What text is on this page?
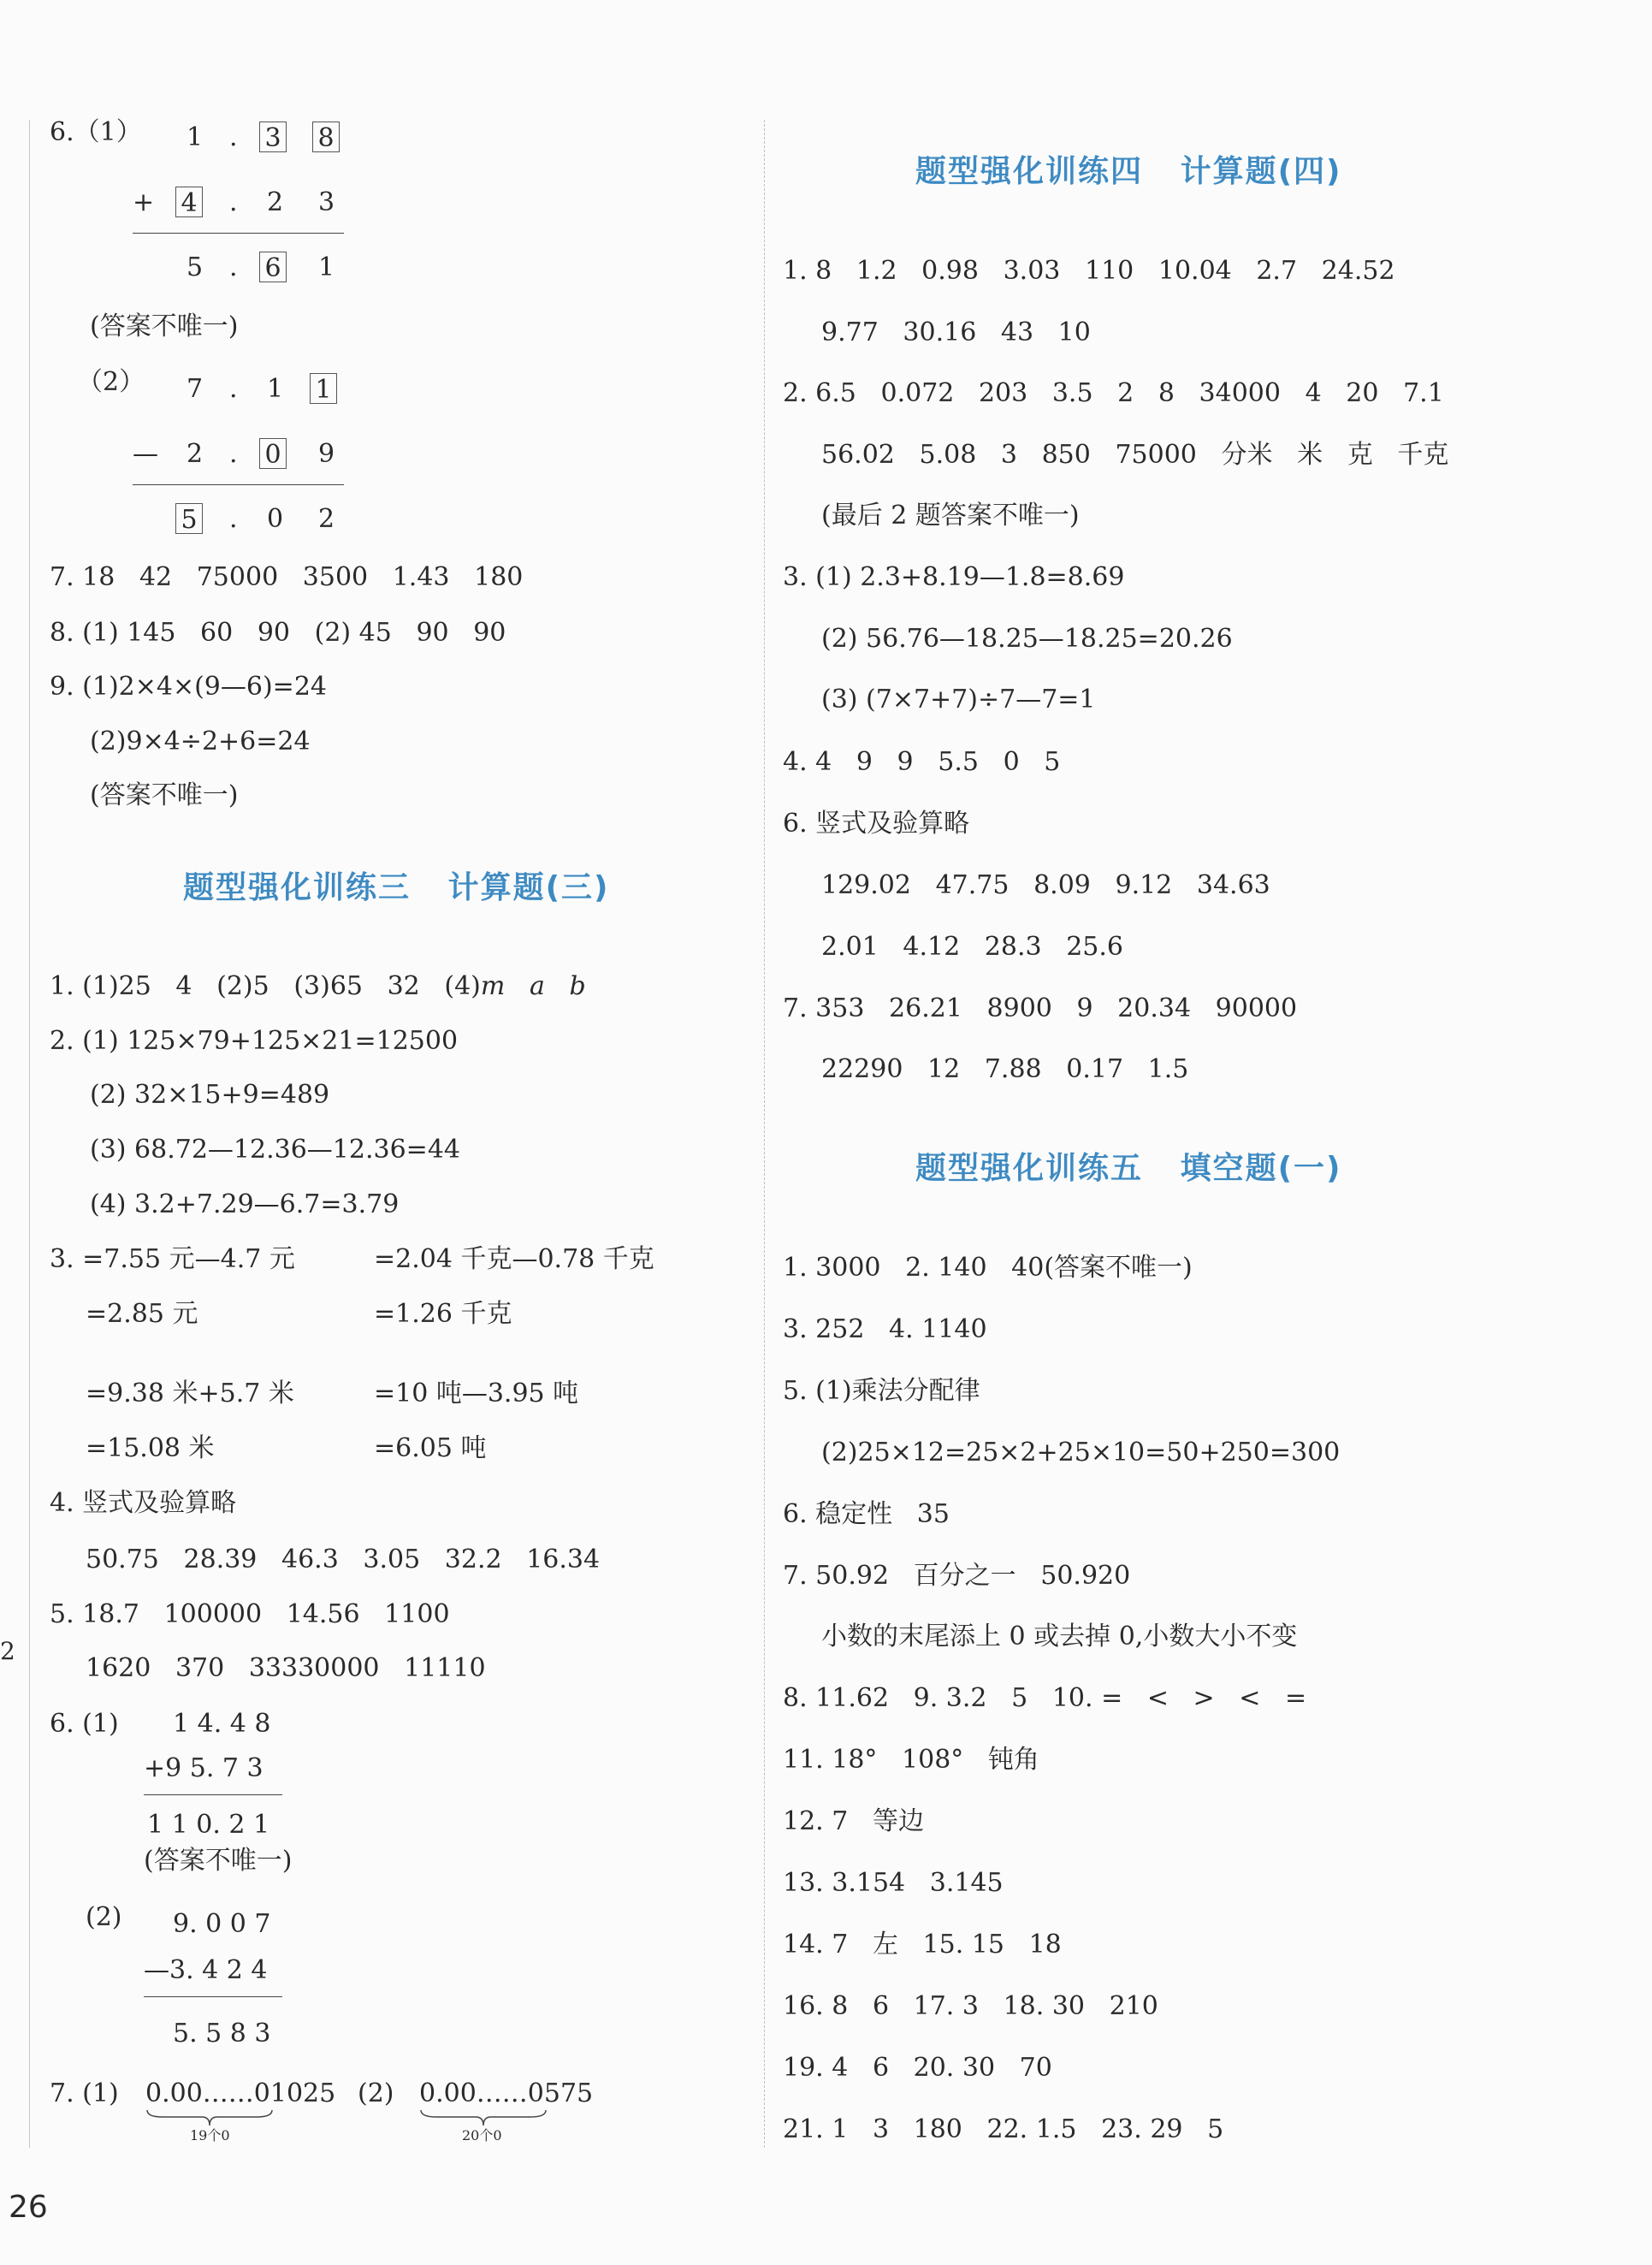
6.（1） 1 . 3 8
+ 4 . 2 3
5 . 6 1
(答案不唯一)
（2） 7 . 1 1
— 2 . 0 9
5 . 0 2
7. 18   42   75000   3500   1.43   180
8. (1) 145   60   90   (2) 45   90   90
9. (1)2×4×(9—6)=24
(2)9×4÷2+6=24
(答案不唯一)
题型强化训练三   计算题(三)
1. (1)25   4   (2)5   (3)65   32   (4)m a b
2. (1) 125×79+125×21=12500
(2) 32×15+9=489
(3) 68.72—12.36—12.36=44
(4) 3.2+7.29—6.7=3.79
3. =7.55 元—4.7 元	=2.04 千克—0.78 千克
=2.85 元	=1.26 千克
=9.38 米+5.7 米	=10 吨—3.95 吨
=15.08 米	=6.05 吨
4. 竖式及验算略
50.75   28.39   46.3   3.05   32.2   16.34
5. 18.7   100000   14.56   1100
1620   370   33330000   11110
6. (1) 1 4. 4 8
+9 5. 7 3
1 1 0. 2 1
(答案不唯一)
(2) 9. 0 0 7
—3. 4 2 4
5. 5 8 3
7. (1) 0.00……01025
19个0
(2) 0.00……0575
20个0
2
26
题型强化训练四   计算题(四)
1. 8   1.2   0.98   3.03   110   10.04   2.7   24.52
9.77   30.16   43   10
2. 6.5   0.072   203   3.5   2   8   34000   4   20   7.1
56.02   5.08   3   850   75000   分米   米   克   千克
(最后 2 题答案不唯一)
3. (1) 2.3+8.19—1.8=8.69
(2) 56.76—18.25—18.25=20.26
(3) (7×7+7)÷7—7=1
4. 4   9   9   5.5   0   5
6. 竖式及验算略
129.02   47.75   8.09   9.12   34.63
2.01   4.12   28.3   25.6
7. 353   26.21   8900   9   20.34   90000
22290   12   7.88   0.17   1.5
题型强化训练五   填空题(一)
1. 3000   2. 140   40(答案不唯一)
3. 252   4. 1140
5. (1)乘法分配律
(2)25×12=25×2+25×10=50+250=300
6. 稳定性   35
7. 50.92   百分之一   50.920
小数的末尾添上 0 或去掉 0,小数大小不变
8. 11.62   9. 3.2   5   10. =   <   >   <   =
11. 18°   108°   钝角
12. 7   等边
13. 3.154   3.145
14. 7   左   15. 15   18
16. 8   6   17. 3   18. 30   210
19. 4   6   20. 30   70
21. 1   3   180   22. 1.5   23. 29   5
